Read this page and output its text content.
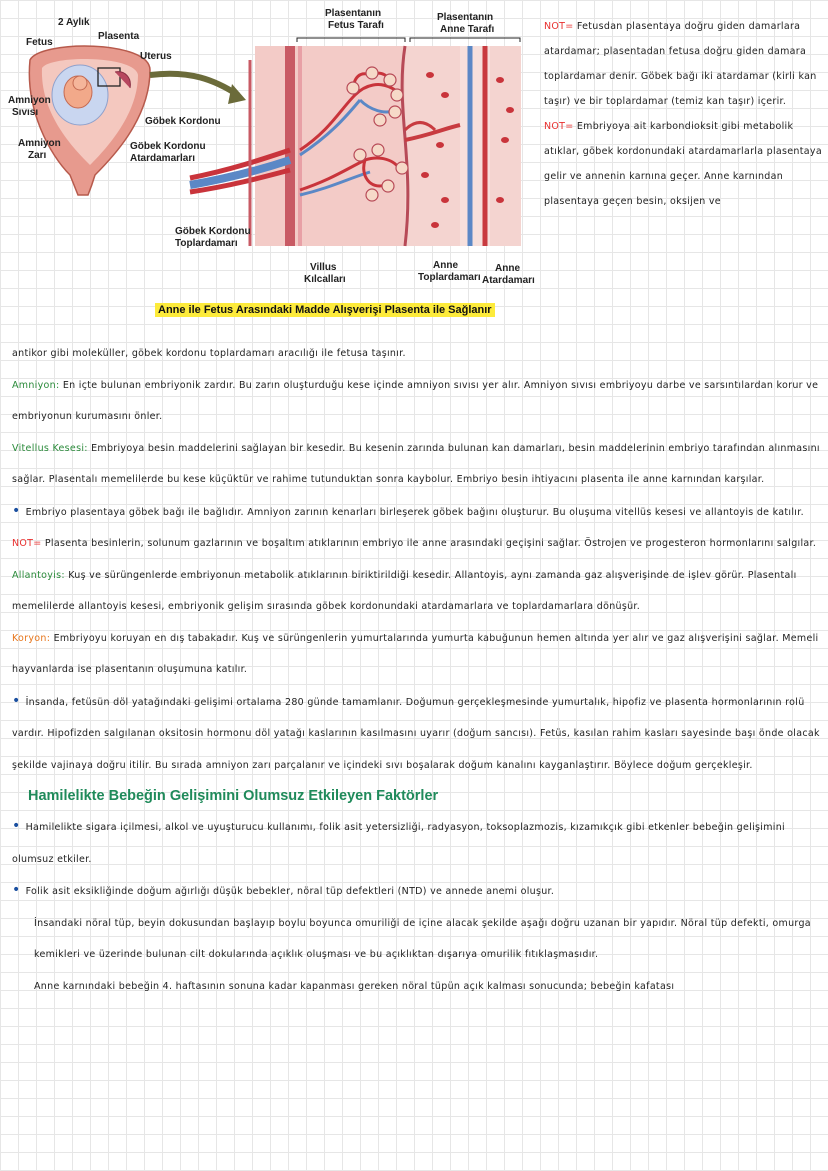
2 Aylık
Fetus
Plasenta
Uterus
Amniyon
Sıvısı
Amniyon
Zarı
Göbek Kordonu
Göbek Kordonu
Atardamarları
Göbek Kordonu
Toplardamarı
Plasentanın
Fetus Tarafı
Plasentanın
Anne Tarafı
Villus
Kılcalları
Anne
Toplardamarı
Anne
Atardamarı
Anne ile Fetus Arasındaki Madde Alışverişi Plasenta ile Sağlanır
NOT= Fetusdan plasentaya doğru giden damarlara atardamar; plasentadan fetusa doğru giden damara toplardamar denir. Göbek bağı iki atardamar (kirli kan taşır) ve bir toplardamar (temiz kan taşır) içerir.
NOT= Embriyoya ait karbondioksit gibi metabolik atıklar, göbek kordonundaki atardamarlarla plasentaya gelir ve annenin karnına geçer. Anne karnından plasentaya geçen besin, oksijen ve

antikor gibi moleküller, göbek kordonu toplardamarı aracılığı ile fetusa taşınır.

Amniyon: En içte bulunan embriyonik zardır. Bu zarın oluşturduğu kese içinde amniyon sıvısı yer alır. Amniyon sıvısı embriyoyu darbe ve sarsıntılardan korur ve embriyonun kurumasını önler.

Vitellus Kesesi: Embriyoya besin maddelerini sağlayan bir kesedir. Bu kesenin zarında bulunan kan damarları, besin maddelerinin embriyo tarafından alınmasını sağlar. Plasentalı memelilerde bu kese küçüktür ve rahime tutunduktan sonra kaybolur. Embriyo besin ihtiyacını plasenta ile anne karnından karşılar.

• Embriyo plasentaya göbek bağı ile bağlıdır. Amniyon zarının kenarları birleşerek göbek bağını oluşturur. Bu oluşuma vitellüs kesesi ve allantoyis de katılır.

NOT= Plasenta besinlerin, solunum gazlarının ve boşaltım atıklarının embriyo ile anne arasındaki geçişini sağlar. Östrojen ve progesteron hormonlarını salgılar.

Allantoyis: Kuş ve sürüngenlerde embriyonun metabolik atıklarının biriktirildiği kesedir. Allantoyis, aynı zamanda gaz alışverişinde de işlev görür. Plasentalı memelilerde allantoyis kesesi, embriyonik gelişim sırasında göbek kordonundaki atardamarlara ve toplardamarlara dönüşür.

Koryon: Embriyoyu koruyan en dış tabakadır. Kuş ve sürüngenlerin yumurtalarında yumurta kabuğunun hemen altında yer alır ve gaz alışverişini sağlar. Memeli hayvanlarda ise plasentanın oluşumuna katılır.

• İnsanda, fetüsün döl yatağındaki gelişimi ortalama 280 günde tamamlanır. Doğumun gerçekleşmesinde yumurtalık, hipofiz ve plasenta hormonlarının rolü vardır. Hipofizden salgılanan oksitosin hormonu döl yatağı kaslarının kasılmasını uyarır (doğum sancısı). Fetüs, kasılan rahim kasları sayesinde başı önde olacak şekilde vajinaya doğru itilir. Bu sırada amniyon zarı parçalanır ve içindeki sıvı boşalarak doğum kanalını kayganlaştırır. Böylece doğum gerçekleşir.

Hamilelikte Bebeğin Gelişimini Olumsuz Etkileyen Faktörler

• Hamilelikte sigara içilmesi, alkol ve uyuşturucu kullanımı, folik asit yetersizliği, radyasyon, toksoplazmozis, kızamıkçık gibi etkenler bebeğin gelişimini olumsuz etkiler.

• Folik asit eksikliğinde doğum ağırlığı düşük bebekler, nöral tüp defektleri (NTD) ve annede anemi oluşur.

İnsandaki nöral tüp, beyin dokusundan başlayıp boylu boyunca omuriliği de içine alacak şekilde aşağı doğru uzanan bir yapıdır. Nöral tüp defekti, omurga kemikleri ve üzerinde bulunan cilt dokularında açıklık oluşması ve bu açıklıktan dışarıya omurilik fıtıklaşmasıdır.

Anne karnındaki bebeğin 4. haftasının sonuna kadar kapanması gereken nöral tüpün açık kalması sonucunda; bebeğin kafatası
